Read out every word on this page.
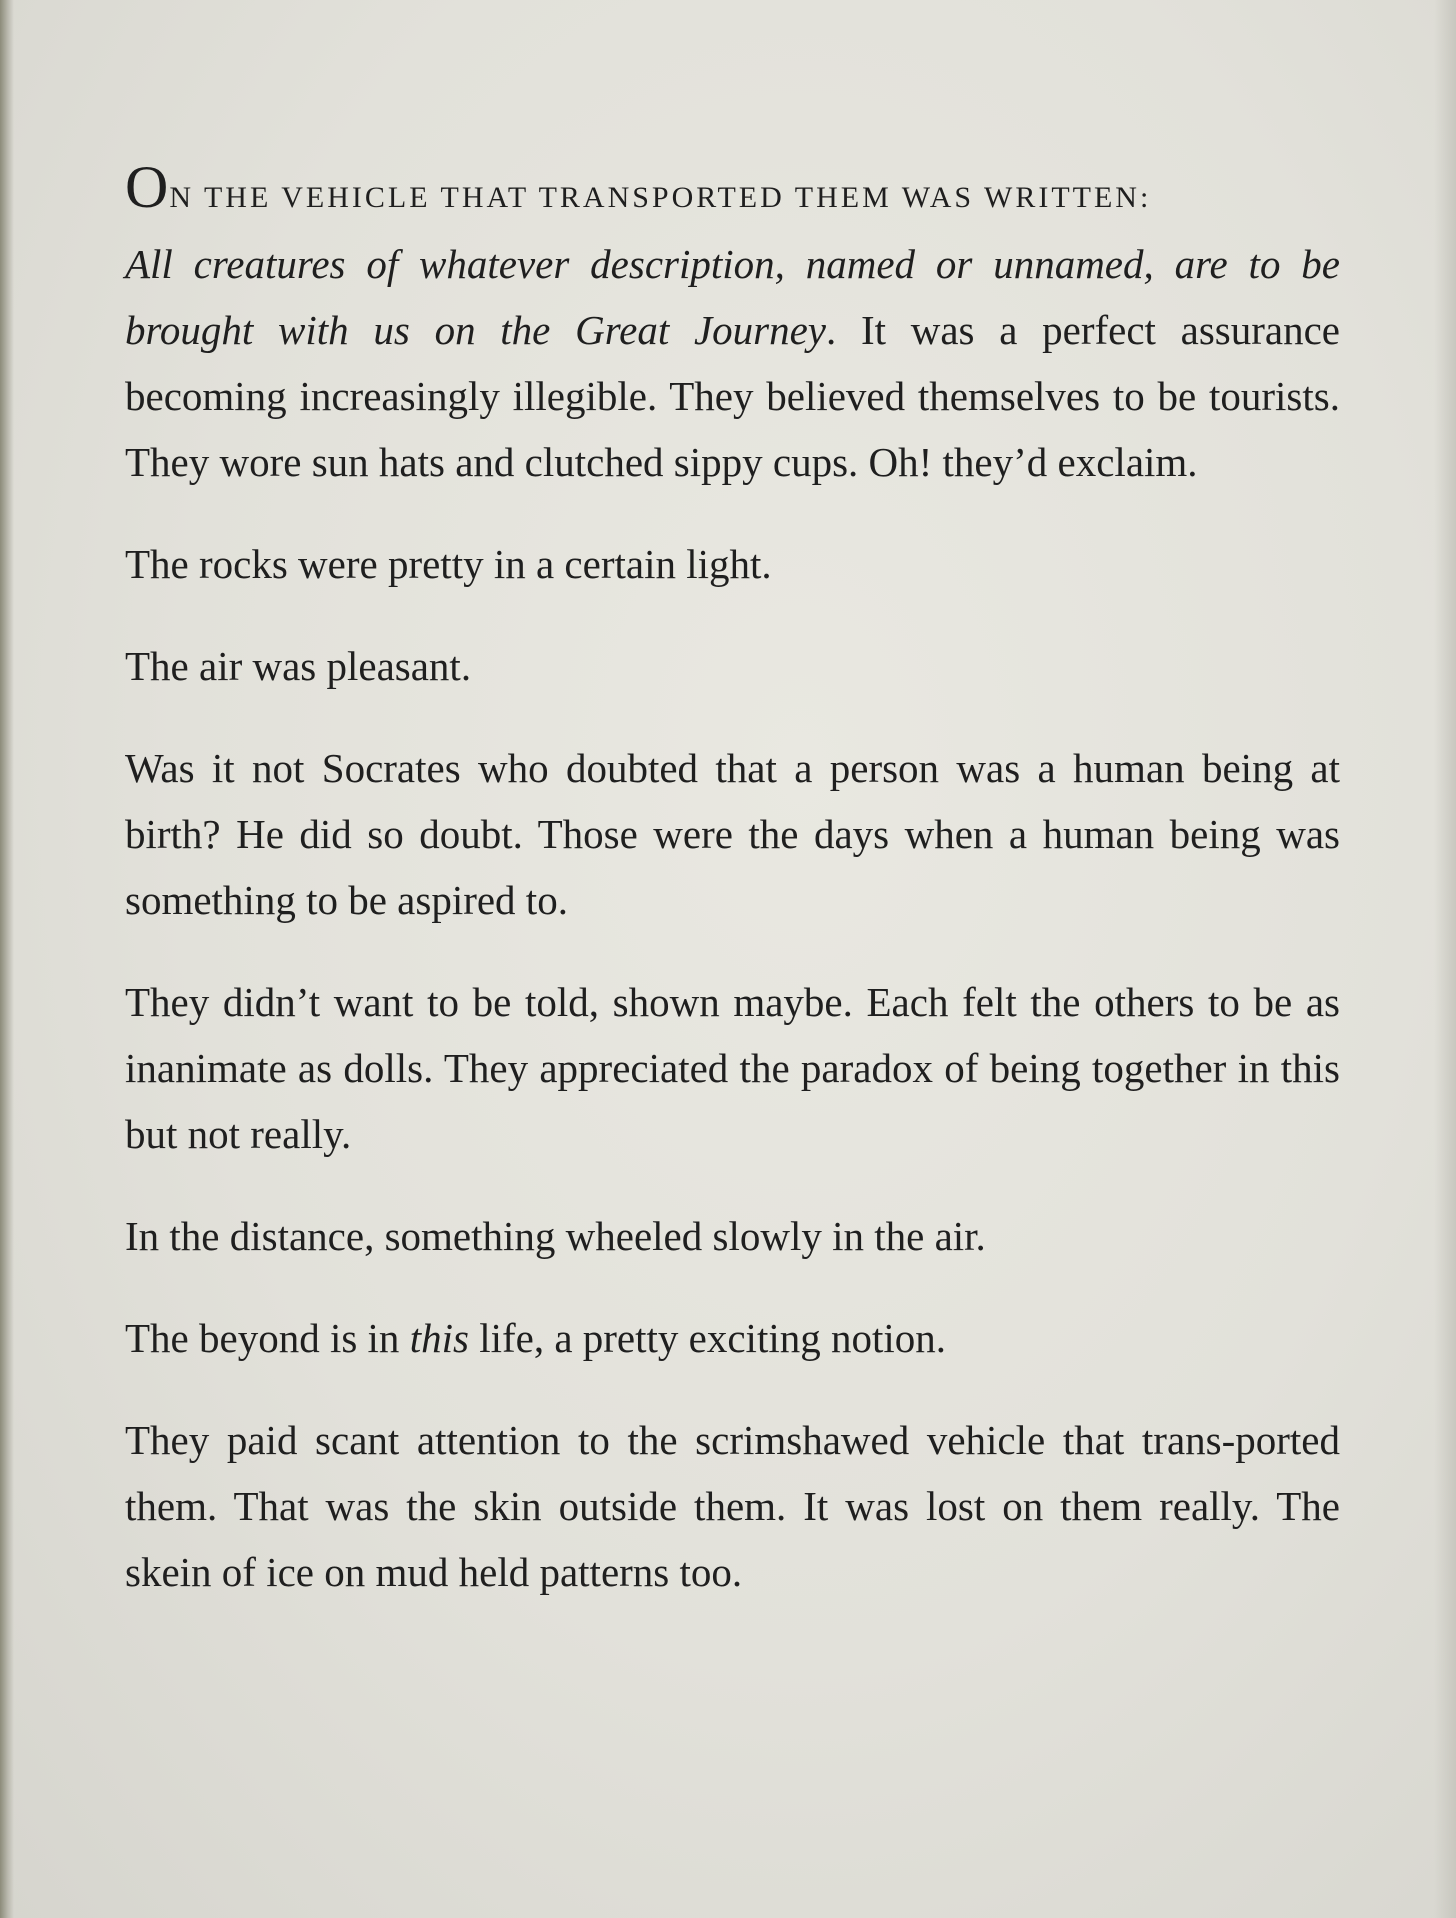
ON THE VEHICLE THAT TRANSPORTED THEM WAS WRITTEN:
All creatures of whatever description, named or unnamed, are to be brought with us on the Great Journey. It was a perfect assurance becoming increasingly illegible. They believed themselves to be tourists. They wore sun hats and clutched sippy cups. Oh! they’d exclaim.

The rocks were pretty in a certain light.

The air was pleasant.

Was it not Socrates who doubted that a person was a human being at birth? He did so doubt. Those were the days when a human being was something to be aspired to.

They didn’t want to be told, shown maybe. Each felt the others to be as inanimate as dolls. They appreciated the paradox of being together in this but not really.

In the distance, something wheeled slowly in the air.

The beyond is in this life, a pretty exciting notion.

They paid scant attention to the scrimshawed vehicle that trans-ported them. That was the skin outside them. It was lost on them really. The skein of ice on mud held patterns too.
